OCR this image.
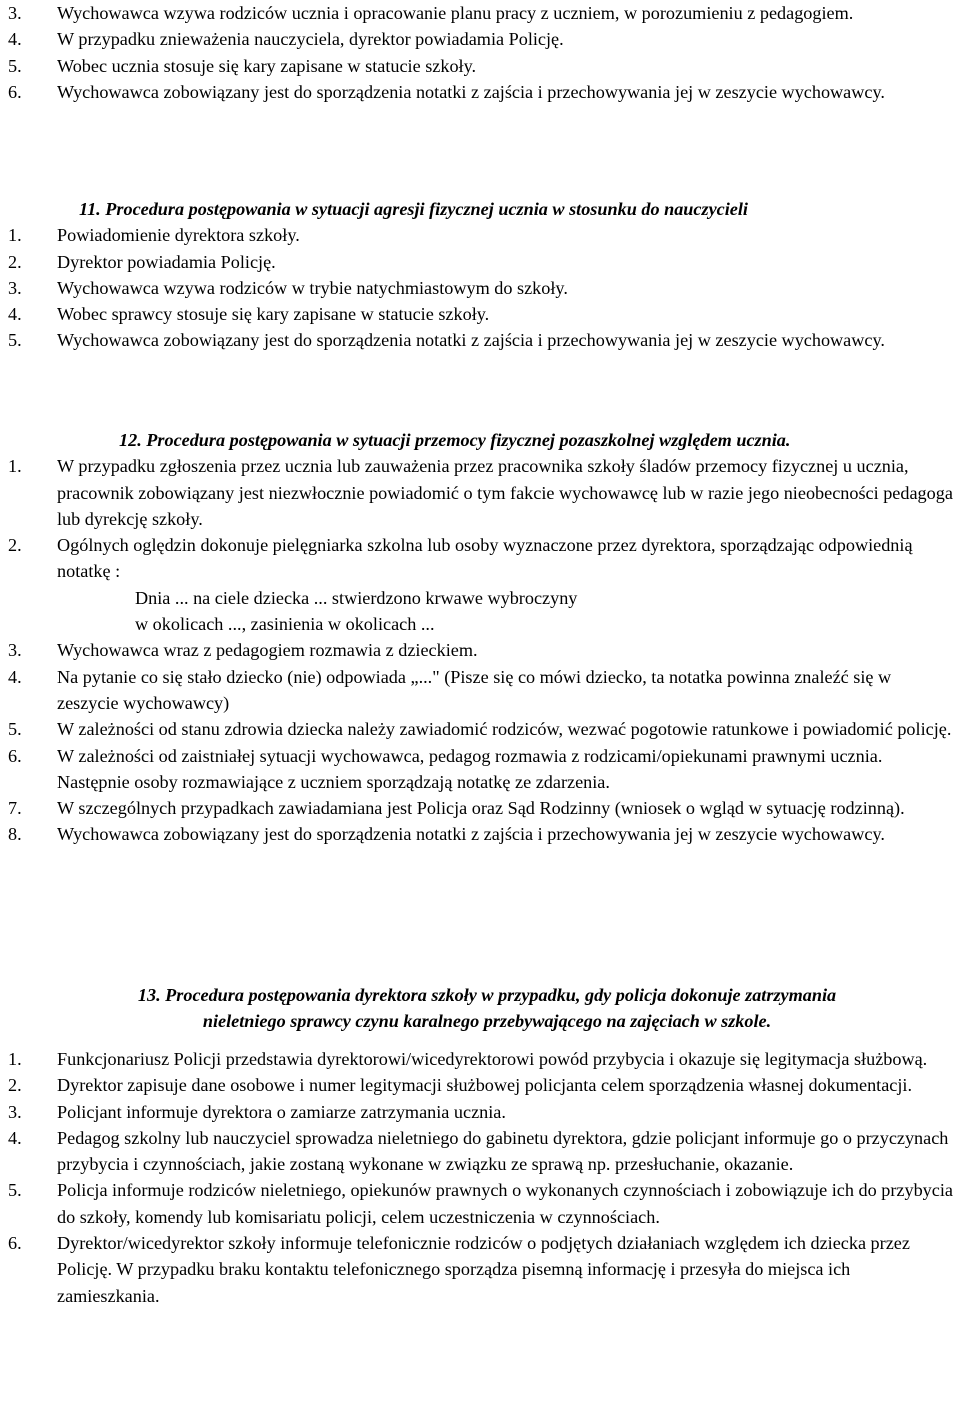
3.	Wychowawca wzywa rodziców ucznia i opracowanie planu pracy z uczniem, w porozumieniu z pedagogiem.
4.	W przypadku znieważenia nauczyciela, dyrektor powiadamia Policję.
5.	Wobec ucznia stosuje się kary zapisane w statucie szkoły.
6.	Wychowawca zobowiązany jest do sporządzenia notatki z zajścia i przechowywania jej w zeszycie wychowawcy.

11. Procedura postępowania w sytuacji agresji fizycznej ucznia w stosunku do nauczycieli

1.	Powiadomienie dyrektora szkoły.
2.	Dyrektor powiadamia Policję.
3.	Wychowawca wzywa rodziców w trybie natychmiastowym do szkoły.
4.	Wobec sprawcy stosuje się kary zapisane w statucie szkoły.
5.	Wychowawca zobowiązany jest do sporządzenia notatki z zajścia i przechowywania jej w zeszycie wychowawcy.

12. Procedura postępowania w sytuacji przemocy fizycznej pozaszkolnej względem ucznia.

1.	W przypadku zgłoszenia przez ucznia lub zauważenia przez pracownika szkoły śladów przemocy fizycznej u ucznia, pracownik zobowiązany jest niezwłocznie powiadomić o tym fakcie wychowawcę lub w razie jego nieobecności pedagoga lub dyrekcję szkoły.
2.	Ogólnych oględzin dokonuje pielęgniarka szkolna lub osoby wyznaczone przez dyrektora, sporządzając odpowiednią notatkę :
Dnia ... na ciele dziecka ... stwierdzono krwawe wybroczyny
w okolicach ..., zasinienia w okolicach ...
3.	Wychowawca wraz z pedagogiem rozmawia z dzieckiem.
4.	Na pytanie co się stało dziecko (nie) odpowiada „..." (Pisze się co mówi dziecko, ta notatka powinna znaleźć się w zeszycie wychowawcy)
5.	W zależności od stanu zdrowia dziecka należy zawiadomić rodziców, wezwać pogotowie ratunkowe i powiadomić policję.
6.	W zależności od zaistniałej sytuacji wychowawca, pedagog rozmawia z rodzicami/opiekunami prawnymi ucznia. Następnie osoby rozmawiające z uczniem sporządzają notatkę ze zdarzenia.
7.	W szczególnych przypadkach zawiadamiana jest Policja oraz Sąd Rodzinny (wniosek o wgląd w sytuację rodzinną).
8.	Wychowawca zobowiązany jest do sporządzenia notatki z zajścia i przechowywania jej w zeszycie wychowawcy.

13. Procedura postępowania dyrektora szkoły w przypadku, gdy policja dokonuje zatrzymania
nieletniego sprawcy czynu karalnego przebywającego na zajęciach w szkole.

1.	Funkcjonariusz Policji przedstawia dyrektorowi/wicedyrektorowi powód przybycia i okazuje się legitymacja służbową.
2.	Dyrektor zapisuje dane osobowe i numer legitymacji służbowej policjanta celem sporządzenia własnej dokumentacji.
3.	Policjant informuje dyrektora o zamiarze zatrzymania ucznia.
4.	Pedagog szkolny lub nauczyciel sprowadza nieletniego do gabinetu dyrektora, gdzie policjant informuje go o przyczynach przybycia i czynnościach, jakie zostaną wykonane w związku ze sprawą np. przesłuchanie, okazanie.
5.	Policja informuje rodziców nieletniego, opiekunów prawnych o wykonanych czynnościach i zobowiązuje ich do przybycia do szkoły, komendy lub komisariatu policji, celem uczestniczenia w czynnościach.
6.	Dyrektor/wicedyrektor szkoły informuje telefonicznie rodziców o podjętych działaniach względem ich dziecka przez Policję. W przypadku braku kontaktu telefonicznego sporządza pisemną informację i przesyła do miejsca ich zamieszkania.
